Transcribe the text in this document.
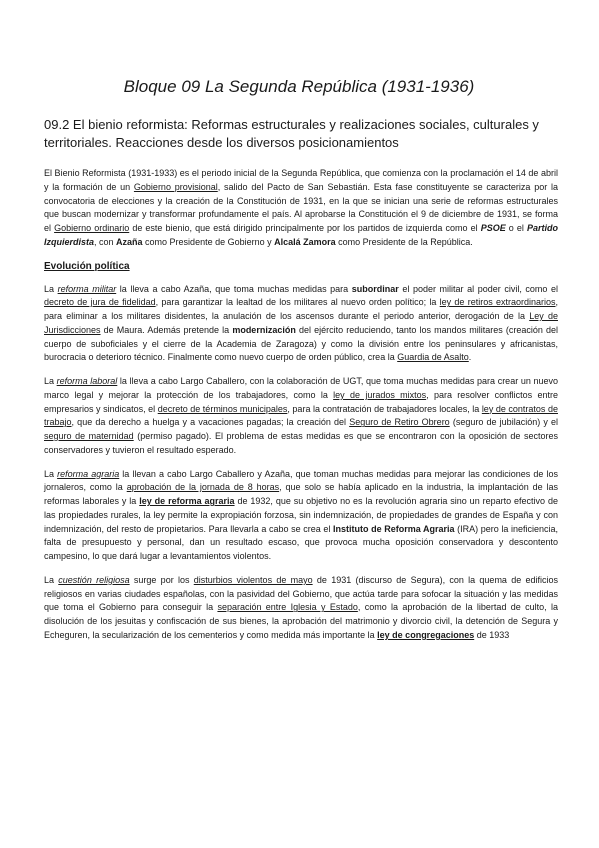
Bloque 09 La Segunda República (1931-1936)
09.2 El bienio reformista: Reformas estructurales y realizaciones sociales, culturales y territoriales. Reacciones desde los diversos posicionamientos

El Bienio Reformista (1931-1933) es el periodo inicial de la Segunda República, que comienza con la proclamación el 14 de abril y la formación de un Gobierno provisional, salido del Pacto de San Sebastián. Esta fase constituyente se caracteriza por la convocatoria de elecciones y la creación de la Constitución de 1931, en la que se inician una serie de reformas estructurales que buscan modernizar y transformar profundamente el país. Al aprobarse la Constitución el 9 de diciembre de 1931, se forma el Gobierno ordinario de este bienio, que está dirigido principalmente por los partidos de izquierda como el PSOE o el Partido Izquierdista, con Azaña como Presidente de Gobierno y Alcalá Zamora como Presidente de la República.

Evolución política

La reforma militar la lleva a cabo Azaña, que toma muchas medidas para subordinar el poder militar al poder civil, como el decreto de jura de fidelidad, para garantizar la lealtad de los militares al nuevo orden político; la ley de retiros extraordinarios, para eliminar a los militares disidentes, la anulación de los ascensos durante el periodo anterior, derogación de la Ley de Jurisdicciones de Maura. Además pretende la modernización del ejército reduciendo, tanto los mandos militares (creación del cuerpo de suboficiales y el cierre de la Academia de Zaragoza) y como la división entre los peninsulares y africanistas, burocracia o deterioro técnico. Finalmente como nuevo cuerpo de orden público, crea la Guardia de Asalto.

La reforma laboral la lleva a cabo Largo Caballero, con la colaboración de UGT, que toma muchas medidas para crear un nuevo marco legal y mejorar la protección de los trabajadores, como la ley de jurados mixtos, para resolver conflictos entre empresarios y sindicatos, el decreto de términos municipales, para la contratación de trabajadores locales, la ley de contratos de trabajo, que da derecho a huelga y a vacaciones pagadas; la creación del Seguro de Retiro Obrero (seguro de jubilación) y el seguro de maternidad (permiso pagado). El problema de estas medidas es que se encontraron con la oposición de sectores conservadores y tuvieron el resultado esperado.

La reforma agraria la llevan a cabo Largo Caballero y Azaña, que toman muchas medidas para mejorar las condiciones de los jornaleros, como la aprobación de la jornada de 8 horas, que solo se había aplicado en la industria, la implantación de las reformas laborales y la ley de reforma agraria de 1932, que su objetivo no es la revolución agraria sino un reparto efectivo de las propiedades rurales, la ley permite la expropiación forzosa, sin indemnización, de propiedades de grandes de España y con indemnización, del resto de propietarios. Para llevarla a cabo se crea el Instituto de Reforma Agraria (IRA) pero la ineficiencia, falta de presupuesto y personal, dan un resultado escaso, que provoca mucha oposición conservadora y descontento campesino, lo que dará lugar a levantamientos violentos.

La cuestión religiosa surge por los disturbios violentos de mayo de 1931 (discurso de Segura), con la quema de edificios religiosos en varias ciudades españolas, con la pasividad del Gobierno, que actúa tarde para sofocar la situación y las medidas que toma el Gobierno para conseguir la separación entre Iglesia y Estado, como la aprobación de la libertad de culto, la disolución de los jesuitas y confiscación de sus bienes, la aprobación del matrimonio y divorcio civil, la detención de Segura y Echeguren, la secularización de los cementerios y como medida más importante la ley de congregaciones de 1933
